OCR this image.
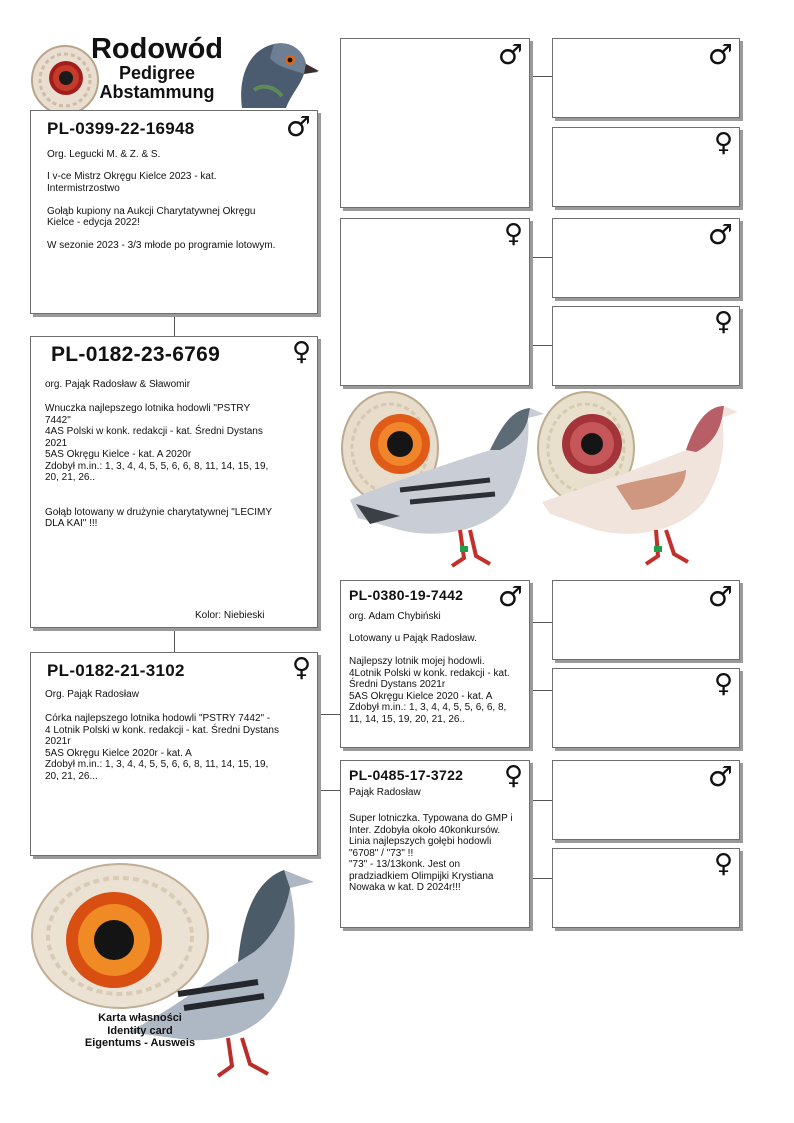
Rodowód
Pedigree
Abstammung
PL-0399-22-16948	♂
Org. Legucki M. & Z. & S.
I v-ce Mistrz Okręgu Kielce 2023 - kat.
Intermistrzostwo

Gołąb kupiony na Aukcji Charytatywnej Okręgu
Kielce - edycja 2022!

W sezonie 2023 - 3/3 młode po programie lotowym.
PL-0182-23-6769	♀
org. Pająk Radosław & Sławomir
Wnuczka najlepszego lotnika hodowli "PSTRY
7442"
4AS Polski w konk. redakcji - kat. Średni Dystans
2021
5AS Okręgu Kielce - kat. A 2020r
Zdobył m.in.: 1, 3, 4, 4, 5, 5, 6, 6, 8, 11, 14, 15, 19,
20, 21, 26..

Gołąb lotowany w drużynie charytatywnej "LECIMY
DLA KAI" !!!
Kolor: Niebieski
PL-0182-21-3102	♀
Org. Pająk Radosław
Córka najlepszego lotnika hodowli "PSTRY 7442" -
4 Lotnik Polski w konk. redakcji - kat. Średni Dystans
2021r
5AS Okręgu Kielce 2020r - kat. A
Zdobył m.in.: 1, 3, 4, 4, 5, 5, 6, 6, 8, 11, 14, 15, 19,
20, 21, 26...
♂
♀
♂
♀
♂
♀
♂
♀
♂
♀
PL-0380-19-7442 ♂
org. Adam Chybiński
Lotowany u Pająk Radosław.

Najlepszy lotnik mojej hodowli.
4Lotnik Polski w konk. redakcji - kat.
Średni Dystans 2021r
5AS Okręgu Kielce 2020 - kat. A
Zdobył m.in.: 1, 3, 4, 4, 5, 5, 6, 6, 8,
11, 14, 15, 19, 20, 21, 26..
PL-0485-17-3722 ♀
Pająk Radosław
Super lotniczka. Typowana do GMP i
Inter. Zdobyła około 40konkursów.
Linia najlepszych gołębi hodowli
"6708" / "73" !!
"73" - 13/13konk. Jest on
pradziadkiem Olimpijki Krystiana
Nowaka w kat. D 2024r!!!
Karta własności
Identity card
Eigentums - Ausweis
